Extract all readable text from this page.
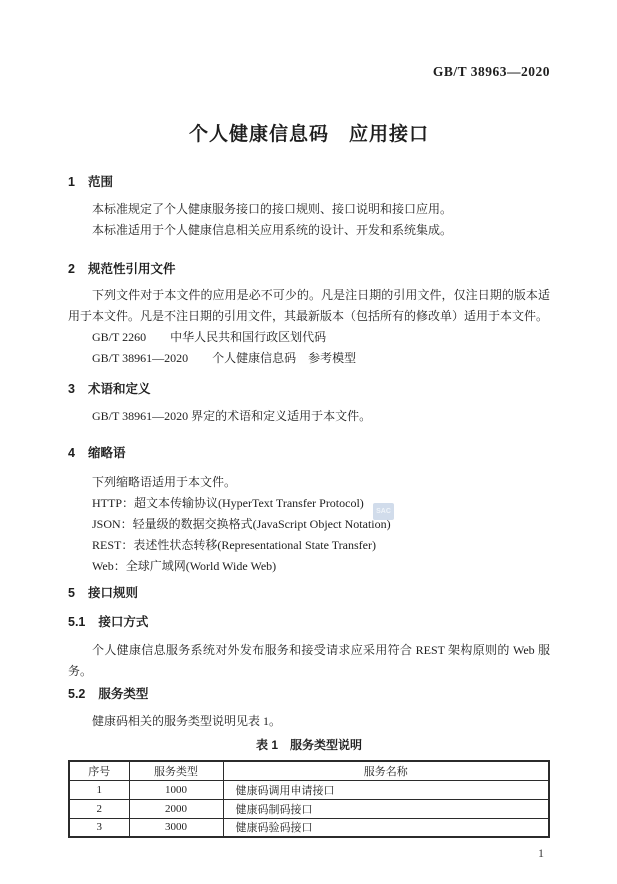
SAC
GB/T 38963—2020
个人健康信息码　应用接口
1 范围

本标准规定了个人健康服务接口的接口规则、接口说明和接口应用。

本标准适用于个人健康信息相关应用系统的设计、开发和系统集成。

2 规范性引用文件

下列文件对于本文件的应用是必不可少的。凡是注日期的引用文件，仅注日期的版本适用于本文件。凡是不注日期的引用文件，其最新版本（包括所有的修改单）适用于本文件。

GB/T 2260　　中华人民共和国行政区划代码

GB/T 38961—2020　　个人健康信息码　参考模型

3 术语和定义

GB/T 38961—2020 界定的术语和定义适用于本文件。

4 缩略语

下列缩略语适用于本文件。

HTTP：超文本传输协议(HyperText Transfer Protocol)

JSON：轻量级的数据交换格式(JavaScript Object Notation)

REST：表述性状态转移(Representational State Transfer)

Web：全球广域网(World Wide Web)

5 接口规则
5.1 接口方式

个人健康信息服务系统对外发布服务和接受请求应采用符合 REST 架构原则的 Web 服务。

5.2 服务类型

健康码相关的服务类型说明见表 1。

表 1　服务类型说明
序号	服务类型	服务名称
1	1000	健康码调用申请接口
2	2000	健康码制码接口
3	3000	健康码验码接口
1
